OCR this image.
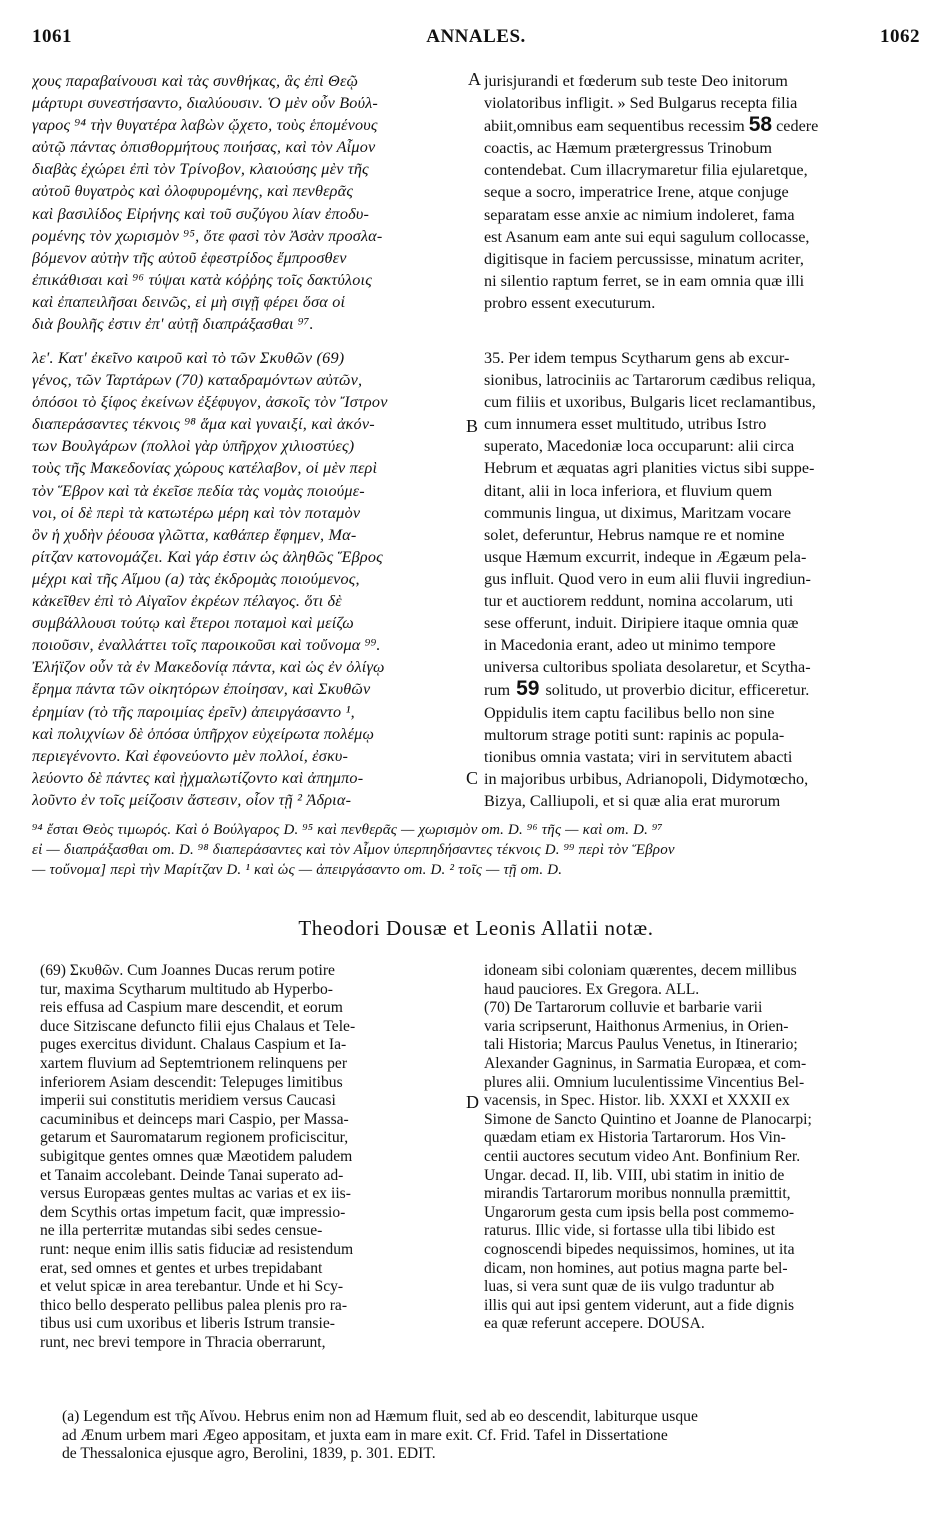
1061	ANNALES.	1062
χους παραβαίνουσι καὶ τὰς συνθήκας, ἃς ἐπὶ Θεῷ
μάρτυρι συνεστήσαντο, διαλύουσιν. Ὁ μὲν οὖν Βούλ-
γαρος ⁹⁴ τὴν θυγατέρα λαβὼν ᾤχετο, τοὺς ἑπομένους
αὐτῷ πάντας ὀπισθορμήτους ποιήσας, καὶ τὸν Αἶμον
διαβὰς ἐχώρει ἐπὶ τὸν Τρίνοβον, κλαιούσης μὲν τῆς
αὐτοῦ θυγατρὸς καὶ ὀλοφυρομένης, καὶ πενθερᾶς
καὶ βασιλίδος Εἰρήνης καὶ τοῦ συζύγου λίαν ἐποδυ-
ρομένης τὸν χωρισμὸν ⁹⁵, ὅτε φασὶ τὸν Ἀσὰν προσλα-
βόμενον αὐτὴν τῆς αὐτοῦ ἐφεστρίδος ἔμπροσθεν
ἐπικάθισαι καὶ ⁹⁶ τύψαι κατὰ κόῤῥης τοῖς δακτύλοις
καὶ ἐπαπειλῆσαι δεινῶς, εἰ μὴ σιγῇ φέρει ὅσα οἱ
διὰ βουλῆς ἐστιν ἐπ' αὐτῇ διαπράξασθαι ⁹⁷.
A jurisjurandi et fœderum sub teste Deo initorum
violatoribus infligit. » Sed Bulgarus recepta filia
abiit,omnibus eam sequentibus recessim 58 cedere
coactis, ac Hæmum prætergressus Trinobum
contendebat. Cum illacrymaretur filia ejularetque,
seque a socro, imperatrice Irene, atque conjuge
separatam esse anxie ac nimium indoleret, fama
est Asanum eam ante sui equi sagulum collocasse,
digitisque in faciem percussisse, minatum acriter,
ni silentio raptum ferret, se in eam omnia quæ illi
probro essent executurum.
λε'. Κατ' ἐκεῖνο καιροῦ καὶ τὸ τῶν Σκυθῶν (69)
γένος, τῶν Ταρτάρων (70) καταδραμόντων αὐτῶν,
ὁπόσοι τὸ ξίφος ἐκείνων ἐξέφυγον, ἀσκοῖς τὸν Ἴστρον
διαπεράσαντες τέκνοις ⁹⁸ ἅμα καὶ γυναιξί, καὶ ἀκόν-
των Βουλγάρων (πολλοὶ γὰρ ὑπῆρχον χιλιοστύες)
τοὺς τῆς Μακεδονίας χώρους κατέλαβον, οἱ μὲν περὶ
τὸν Ἕβρον καὶ τὰ ἐκεῖσε πεδία τὰς νομὰς ποιούμε-
νοι, οἱ δὲ περὶ τὰ κατωτέρω μέρη καὶ τὸν ποταμὸν
ὃν ἡ χυδὴν ῥέουσα γλῶττα, καθάπερ ἔφημεν, Μα-
ρίτζαν κατονομάζει. Καὶ γάρ ἐστιν ὡς ἀληθῶς Ἕβρος
μέχρι καὶ τῆς Αἵμου (a) τὰς ἐκδρομὰς ποιούμενος,
κἀκεῖθεν ἐπὶ τὸ Αἰγαῖον ἐκρέων πέλαγος. ὅτι δὲ
συμβάλλουσι τούτῳ καὶ ἕτεροι ποταμοὶ καὶ μείζω
ποιοῦσιν, ἐναλλάττει τοῖς παροικοῦσι καὶ τοὔνομα ⁹⁹.
Ἐλήϊζον οὖν τὰ ἐν Μακεδονίᾳ πάντα, καὶ ὡς ἐν ὀλίγῳ
ἔρημα πάντα τῶν οἰκητόρων ἐποίησαν, καὶ Σκυθῶν
ἐρημίαν (τὸ τῆς παροιμίας ἐρεῖν) ἀπειργάσαντο ¹,
καὶ πολιχνίων δὲ ὁπόσα ὑπῆρχον εὐχείρωτα πολέμῳ
περιεγένοντο. Καὶ ἐφονεύοντο μὲν πολλοί, ἐσκυ-
λεύοντο δὲ πάντες καὶ ᾐχμαλωτίζοντο καὶ ἀπημπο-
λοῦντο ἐν τοῖς μείζοσιν ἄστεσιν, οἷον τῇ ² Ἀδρια-
B
C
35. Per idem tempus Scytharum gens ab excur-
sionibus, latrociniis ac Tartarorum cædibus reliqua,
cum filiis et uxoribus, Bulgaris licet reclamantibus,
cum innumera esset multitudo, utribus Istro
superato, Macedoniæ loca occuparunt: alii circa
Hebrum et æquatas agri planities victus sibi suppe-
ditant, alii in loca inferiora, et fluvium quem
communis lingua, ut diximus, Maritzam vocare
solet, deferuntur, Hebrus namque re et nomine
usque Hæmum excurrit, indeque in Ægæum pela-
gus influit. Quod vero in eum alii fluvii ingrediun-
tur et auctiorem reddunt, nomina accolarum, uti
sese offerunt, induit. Diripiere itaque omnia quæ
in Macedonia erant, adeo ut minimo tempore
universa cultoribus spoliata desolaretur, et Scytha-
rum 59 solitudo, ut proverbio dicitur, efficeretur.
Oppidulis item captu facilibus bello non sine
multorum strage potiti sunt: rapinis ac popula-
tionibus omnia vastata; viri in servitutem abacti
in majoribus urbibus, Adrianopoli, Didymotœcho,
Bizya, Calliupoli, et si quæ alia erat murorum
⁹⁴ ἔσται Θεὸς τιμωρός. Καὶ ὁ Βούλγαρος D. ⁹⁵ καὶ πενθερᾶς — χωρισμὸν om. D. ⁹⁶ τῆς — καὶ om. D. ⁹⁷
εἰ — διαπράξασθαι om. D. ⁹⁸ διαπεράσαντες καὶ τὸν Αἶμον ὑπερπηδήσαντες τέκνοις D. ⁹⁹ περὶ τὸν Ἕβρον
— τοὔνομα] περὶ τὴν Μαρίτζαν D. ¹ καὶ ὡς — ἀπειργάσαντο om. D. ² τοῖς — τῇ om. D.
Theodori Dousæ et Leonis Allatii notæ.
(69) Σκυθῶν. Cum Joannes Ducas rerum potire
tur, maxima Scytharum multitudo ab Hyperbo-
reis effusa ad Caspium mare descendit, et eorum
duce Sitziscane defuncto filii ejus Chalaus et Tele-
puges exercitus dividunt. Chalaus Caspium et Ia-
xartem fluvium ad Septemtrionem relinquens per
inferiorem Asiam descendit: Telepuges limitibus
imperii sui constitutis meridiem versus Caucasi
cacuminibus et deinceps mari Caspio, per Massa-
getarum et Sauromatarum regionem proficiscitur,
subigitque gentes omnes quæ Mæotidem paludem
et Tanaim accolebant. Deinde Tanai superato ad-
versus Europæas gentes multas ac varias et ex iis-
dem Scythis ortas impetum facit, quæ impressio-
ne illa perterritæ mutandas sibi sedes censue-
runt: neque enim illis satis fiduciæ ad resistendum
erat, sed omnes et gentes et urbes trepidabant
et velut spicæ in area terebantur. Unde et hi Scy-
thico bello desperato pellibus palea plenis pro ra-
tibus usi cum uxoribus et liberis Istrum transie-
runt, nec brevi tempore in Thracia oberrarunt,
D
idoneam sibi coloniam quærentes, decem millibus
haud pauciores. Ex Gregora. ALL.
(70) De Tartarorum colluvie et barbarie varii
varia scripserunt, Haithonus Armenius, in Orien-
tali Historia; Marcus Paulus Venetus, in Itinerario;
Alexander Gagninus, in Sarmatia Europæa, et com-
plures alii. Omnium luculentissime Vincentius Bel-
vacensis, in Spec. Histor. lib. XXXI et XXXII ex
Simone de Sancto Quintino et Joanne de Planocarpi;
quædam etiam ex Historia Tartarorum. Hos Vin-
centii auctores secutum video Ant. Bonfinium Rer.
Ungar. decad. II, lib. VIII, ubi statim in initio de
mirandis Tartarorum moribus nonnulla præmittit,
Ungarorum gesta cum ipsis bella post commemo-
raturus. Illic vide, si fortasse ulla tibi libido est
cognoscendi bipedes nequissimos, homines, ut ita
dicam, non homines, aut potius magna parte bel-
luas, si vera sunt quæ de iis vulgo traduntur ab
illis qui aut ipsi gentem viderunt, aut a fide dignis
ea quæ referunt accepere. DOUSA.
(a) Legendum est τῆς Αἴνου. Hebrus enim non ad Hæmum fluit, sed ab eo descendit, labiturque usque
ad Ænum urbem mari Ægeo appositam, et juxta eam in mare exit. Cf. Frid. Tafel in Dissertatione
de Thessalonica ejusque agro, Berolini, 1839, p. 301. EDIT.
